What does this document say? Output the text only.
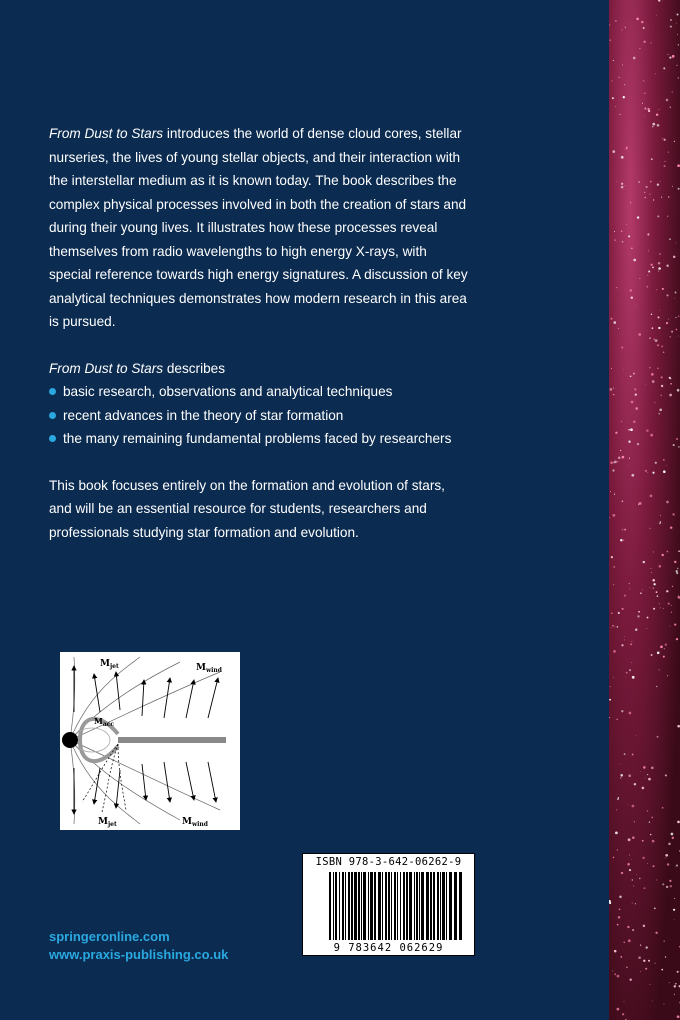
From Dust to Stars introduces the world of dense cloud cores, stellar nurseries, the lives of young stellar objects, and their interaction with the interstellar medium as it is known today. The book describes the complex physical processes involved in both the creation of stars and during their young lives. It illustrates how these processes reveal themselves from radio wavelengths to high energy X-rays, with special reference towards high energy signatures. A discussion of key analytical techniques demonstrates how modern research in this area is pursued.

From Dust to Stars describes

basic research, observations and analytical techniques
recent advances in the theory of star formation
the many remaining fundamental problems faced by researchers

This book focuses entirely on the formation and evolution of stars, and will be an essential resource for students, researchers and professionals studying star formation and evolution.

$M_{jet}$	$M_{wind}$
$M_{acc}$
$M_{jet}$	$M_{wind}$
springeronline.com
www.praxis-publishing.co.uk
ISBN 978-3-642-06262-9
9 783642 062629
